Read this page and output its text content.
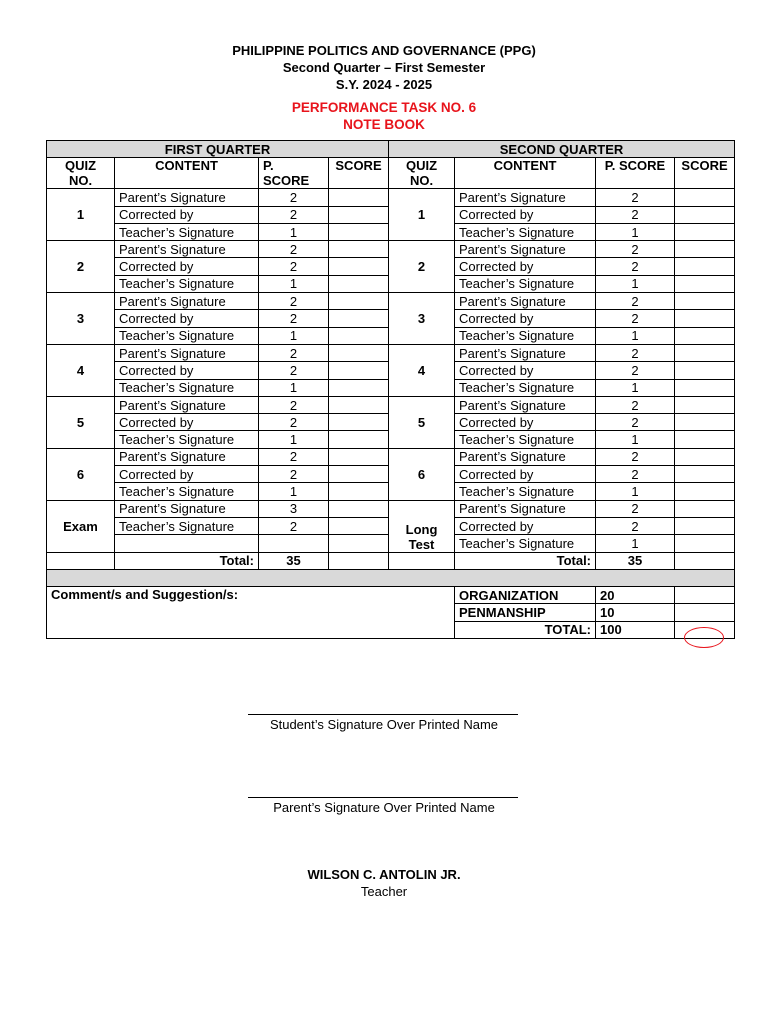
PHILIPPINE POLITICS AND GOVERNANCE (PPG)
Second Quarter – First Semester
S.Y. 2024 - 2025
PERFORMANCE TASK NO. 6
NOTE BOOK
FIRST QUARTER				SECOND QUARTER			
QUIZ NO.	CONTENT	P. SCORE	SCORE	QUIZ NO.	CONTENT	P. SCORE	SCORE
1	Parent’s Signature	2		1	Parent’s Signature	2	
	Corrected by	2			Corrected by	2	
	Teacher’s Signature	1			Teacher’s Signature	1	
2	Parent’s Signature	2		2	Parent’s Signature	2	
	Corrected by	2			Corrected by	2	
	Teacher’s Signature	1			Teacher’s Signature	1	
3	Parent’s Signature	2		3	Parent’s Signature	2	
	Corrected by	2			Corrected by	2	
	Teacher’s Signature	1			Teacher’s Signature	1	
4	Parent’s Signature	2		4	Parent’s Signature	2	
	Corrected by	2			Corrected by	2	
	Teacher’s Signature	1			Teacher’s Signature	1	
5	Parent’s Signature	2		5	Parent’s Signature	2	
	Corrected by	2			Corrected by	2	
	Teacher’s Signature	1			Teacher’s Signature	1	
6	Parent’s Signature	2		6	Parent’s Signature	2	
	Corrected by	2			Corrected by	2	
	Teacher’s Signature	1			Teacher’s Signature	1	
Exam	Parent’s Signature	3		Long Test	Parent’s Signature	2	
	Teacher’s Signature	2			Corrected by	2	
					Teacher’s Signature	1	
	Total:	35			Total:	35	

Comment/s and Suggestion/s:					ORGANIZATION	20	
					PENMANSHIP	10	
					TOTAL:	100	
Student’s Signature Over Printed Name
Parent’s Signature Over Printed Name
WILSON C. ANTOLIN JR.
Teacher
